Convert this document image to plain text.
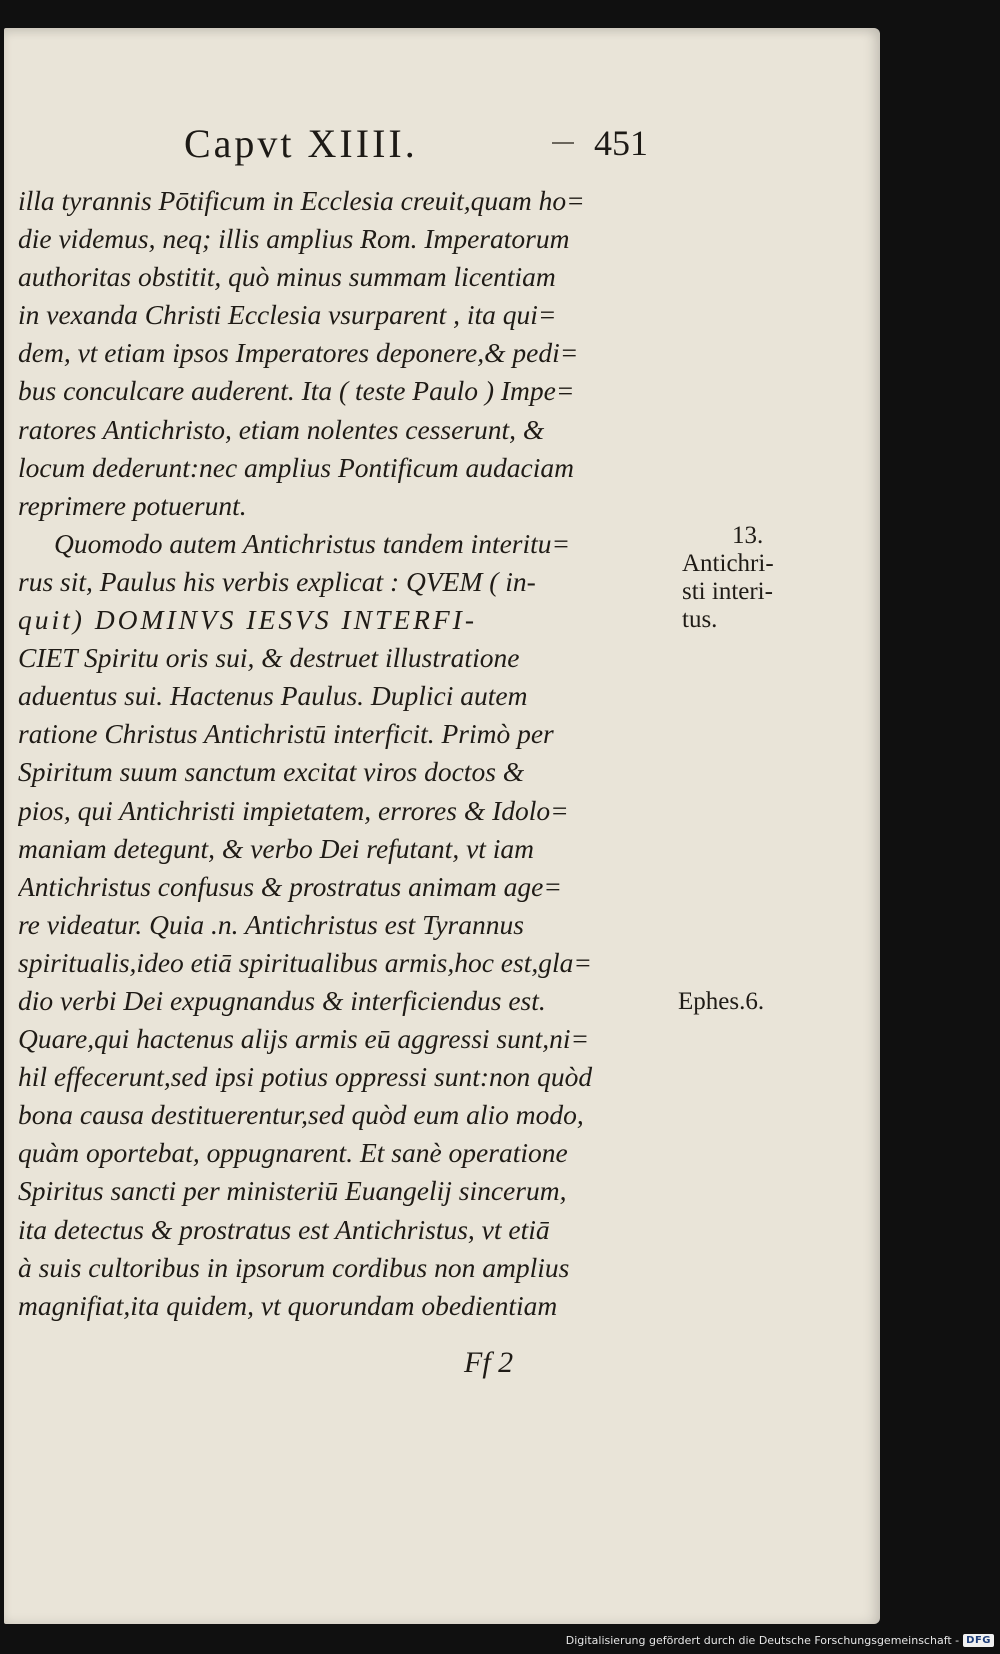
Capvt XIIII.	451
illa tyrannis Pōtificum in Ecclesia creuit,quam ho=
die videmus, neq; illis amplius Rom. Imperatorum
authoritas obstitit, quò minus summam licentiam
in vexanda Christi Ecclesia vsurparent , ita qui=
dem, vt etiam ipsos Imperatores deponere,& pedi=
bus conculcare auderent. Ita ( teste Paulo ) Impe=
ratores Antichristo, etiam nolentes cesserunt, &
locum dederunt:nec amplius Pontificum audaciam
reprimere potuerunt.
Quomodo autem Antichristus tandem interitu=
rus sit, Paulus his verbis explicat : QVEM ( in-
quit) DOMINVS IESVS INTERFI-
CIET Spiritu oris sui, & destruet illustratione
aduentus sui. Hactenus Paulus. Duplici autem
ratione Christus Antichristū interficit. Primò per
Spiritum suum sanctum excitat viros doctos &
pios, qui Antichristi impietatem, errores & Idolo=
maniam detegunt, & verbo Dei refutant, vt iam
Antichristus confusus & prostratus animam age=
re videatur. Quia .n. Antichristus est Tyrannus
spiritualis,ideo etiā spiritualibus armis,hoc est,gla=
dio verbi Dei expugnandus & interficiendus est.
Quare,qui hactenus alijs armis eū aggressi sunt,ni=
hil effecerunt,sed ipsi potius oppressi sunt:non quòd
bona causa destituerentur,sed quòd eum alio modo,
quàm oportebat, oppugnarent. Et sanè operatione
Spiritus sancti per ministeriū Euangelij sincerum,
ita detectus & prostratus est Antichristus, vt etiā
à suis cultoribus in ipsorum cordibus non amplius
magnifiat,ita quidem, vt quorundam obedientiam
13.
Antichri-
sti interi-
tus.
Ephes.6.
Ff 2
Digitalisierung gefördert durch die Deutsche Forschungsgemeinschaft - DFG
